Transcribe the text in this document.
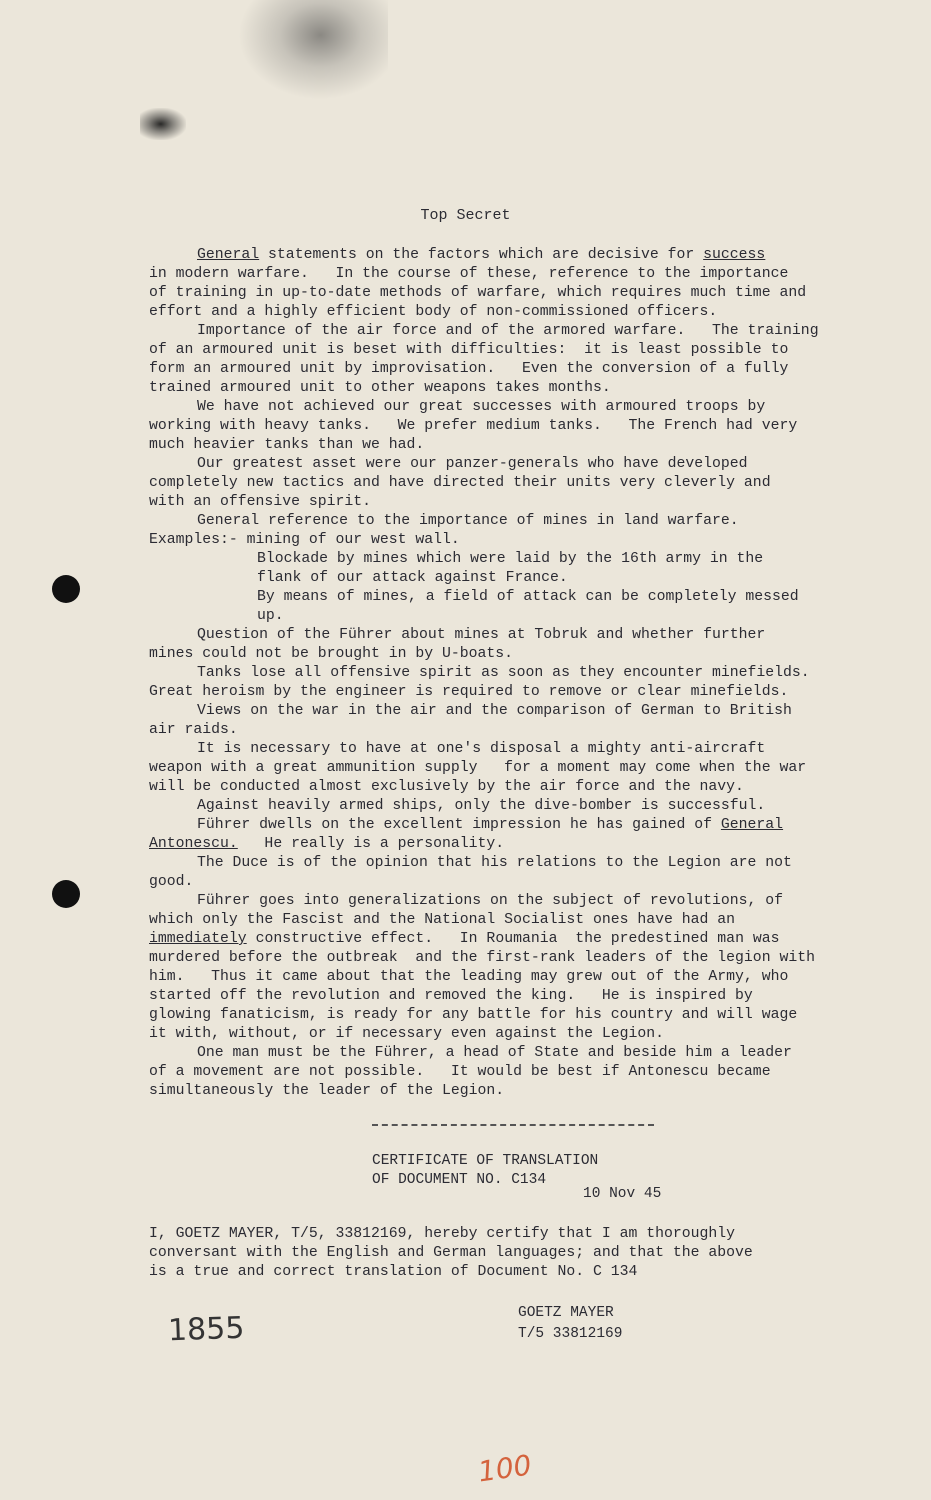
Top Secret
General statements on the factors which are decisive for success
in modern warfare.   In the course of these, reference to the importance
of training in up-to-date methods of warfare, which requires much time and
effort and a highly efficient body of non-commissioned officers.
Importance of the air force and of the armored warfare.   The training
of an armoured unit is beset with difficulties:  it is least possible to
form an armoured unit by improvisation.   Even the conversion of a fully
trained armoured unit to other weapons takes months.
We have not achieved our great successes with armoured troops by
working with heavy tanks.   We prefer medium tanks.   The French had very
much heavier tanks than we had.
Our greatest asset were our panzer-generals who have developed
completely new tactics and have directed their units very cleverly and
with an offensive spirit.
General reference to the importance of mines in land warfare.
Examples:- mining of our west wall.
Blockade by mines which were laid by the 16th army in the
flank of our attack against France.
By means of mines, a field of attack can be completely messed
up.
Question of the Führer about mines at Tobruk and whether further
mines could not be brought in by U-boats.
Tanks lose all offensive spirit as soon as they encounter minefields.
Great heroism by the engineer is required to remove or clear minefields.
Views on the war in the air and the comparison of German to British
air raids.
It is necessary to have at one's disposal a mighty anti-aircraft
weapon with a great ammunition supply   for a moment may come when the war
will be conducted almost exclusively by the air force and the navy.
Against heavily armed ships, only the dive-bomber is successful.
Führer dwells on the excellent impression he has gained of General
Antonescu.   He really is a personality.
The Duce is of the opinion that his relations to the Legion are not
good.
Führer goes into generalizations on the subject of revolutions, of
which only the Fascist and the National Socialist ones have had an
immediately constructive effect.   In Roumania  the predestined man was
murdered before the outbreak  and the first-rank leaders of the legion with
him.   Thus it came about that the leading may grew out of the Army, who
started off the revolution and removed the king.   He is inspired by
glowing fanaticism, is ready for any battle for his country and will wage
it with, without, or if necessary even against the Legion.
One man must be the Führer, a head of State and beside him a leader
of a movement are not possible.   It would be best if Antonescu became
simultaneously the leader of the Legion.
CERTIFICATE OF TRANSLATION
OF DOCUMENT NO. C134
10 Nov 45
I, GOETZ MAYER, T/5, 33812169, hereby certify that I am thoroughly
conversant with the English and German languages; and that the above
is a true and correct translation of Document No. C 134
GOETZ MAYER
T/5 33812169
1855
100
